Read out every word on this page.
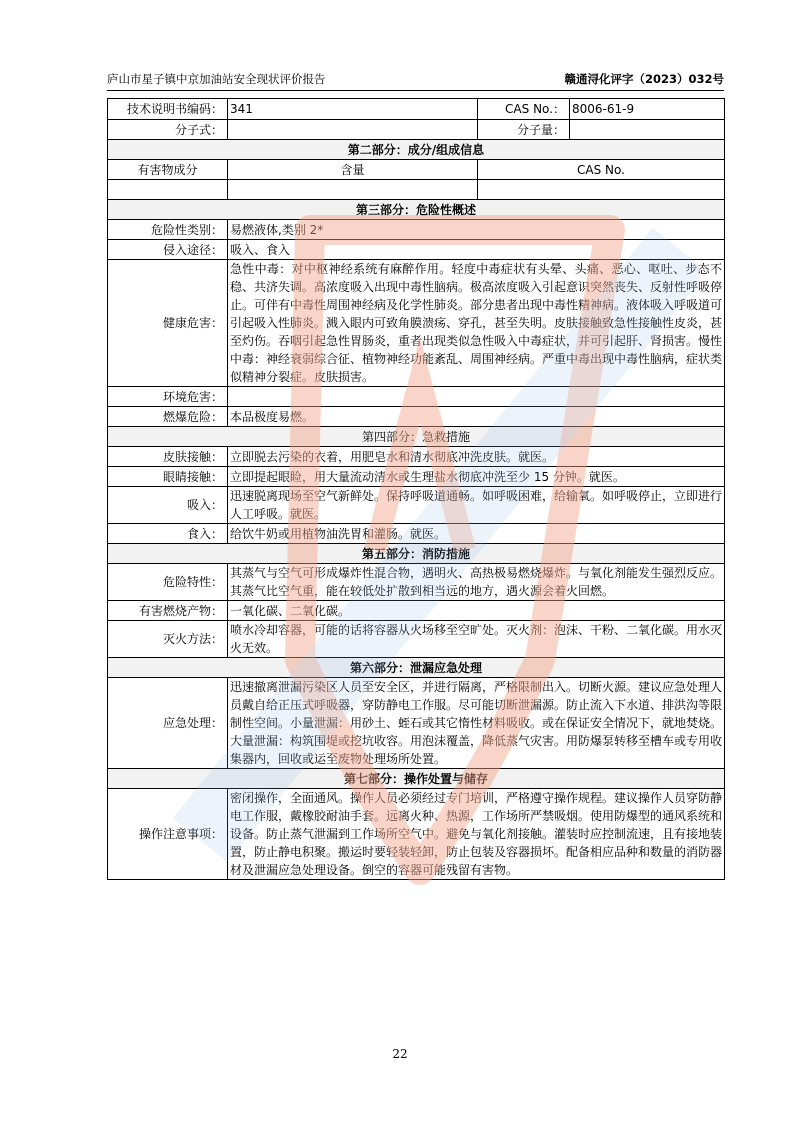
庐山市星子镇中京加油站安全现状评价报告	赣通浔化评字（2023）032号
技术说明书编码：	341	CAS No.：	8006-61-9
分子式：		分子量：	
第二部分：成分/组成信息			
有害物成分	含量	CAS No.	

第三部分：危险性概述			
危险性类别：	易燃液体,类别 2*		
侵入途径：	吸入、食入		
健康危害：	急性中毒：对中枢神经系统有麻醉作用。轻度中毒症状有头晕、头痛、恶心、呕吐、步态不稳、共济失调。高浓度吸入出现中毒性脑病。极高浓度吸入引起意识突然丧失、反射性呼吸停止。可伴有中毒性周围神经病及化学性肺炎。部分患者出现中毒性精神病。液体吸入呼吸道可引起吸入性肺炎。溅入眼内可致角膜溃疡、穿孔，甚至失明。皮肤接触致急性接触性皮炎，甚至灼伤。吞咽引起急性胃肠炎，重者出现类似急性吸入中毒症状，并可引起肝、肾损害。慢性中毒：神经衰弱综合征、植物神经功能紊乱、周围神经病。严重中毒出现中毒性脑病，症状类似精神分裂症。皮肤损害。		
环境危害：			
燃爆危险：	本品极度易燃。		
第四部分：急救措施			
皮肤接触：	立即脱去污染的衣着，用肥皂水和清水彻底冲洗皮肤。就医。		
眼睛接触：	立即提起眼睑，用大量流动清水或生理盐水彻底冲洗至少 15 分钟。就医。		
吸入：	迅速脱离现场至空气新鲜处。保持呼吸道通畅。如呼吸困难，给输氧。如呼吸停止，立即进行人工呼吸。就医。		
食入：	给饮牛奶或用植物油洗胃和灌肠。就医。		
第五部分：消防措施			
危险特性：	其蒸气与空气可形成爆炸性混合物，遇明火、高热极易燃烧爆炸。与氧化剂能发生强烈反应。其蒸气比空气重，能在较低处扩散到相当远的地方，遇火源会着火回燃。		
有害燃烧产物：	一氧化碳、二氧化碳。		
灭火方法：	喷水冷却容器，可能的话将容器从火场移至空旷处。灭火剂：泡沫、干粉、二氧化碳。用水灭火无效。		
第六部分：泄漏应急处理			
应急处理：	迅速撤离泄漏污染区人员至安全区，并进行隔离，严格限制出入。切断火源。建议应急处理人员戴自给正压式呼吸器，穿防静电工作服。尽可能切断泄漏源。防止流入下水道、排洪沟等限制性空间。小量泄漏：用砂土、蛭石或其它惰性材料吸收。或在保证安全情况下，就地焚烧。大量泄漏：构筑围堤或挖坑收容。用泡沫覆盖，降低蒸气灾害。用防爆泵转移至槽车或专用收集器内，回收或运至废物处理场所处置。		
第七部分：操作处置与储存			
操作注意事项：	密闭操作，全面通风。操作人员必须经过专门培训，严格遵守操作规程。建议操作人员穿防静电工作服，戴橡胶耐油手套。远离火种、热源，工作场所严禁吸烟。使用防爆型的通风系统和设备。防止蒸气泄漏到工作场所空气中。避免与氧化剂接触。灌装时应控制流速，且有接地装置，防止静电积聚。搬运时要轻装轻卸，防止包装及容器损坏。配备相应品种和数量的消防器材及泄漏应急处理设备。倒空的容器可能残留有害物。		
22
